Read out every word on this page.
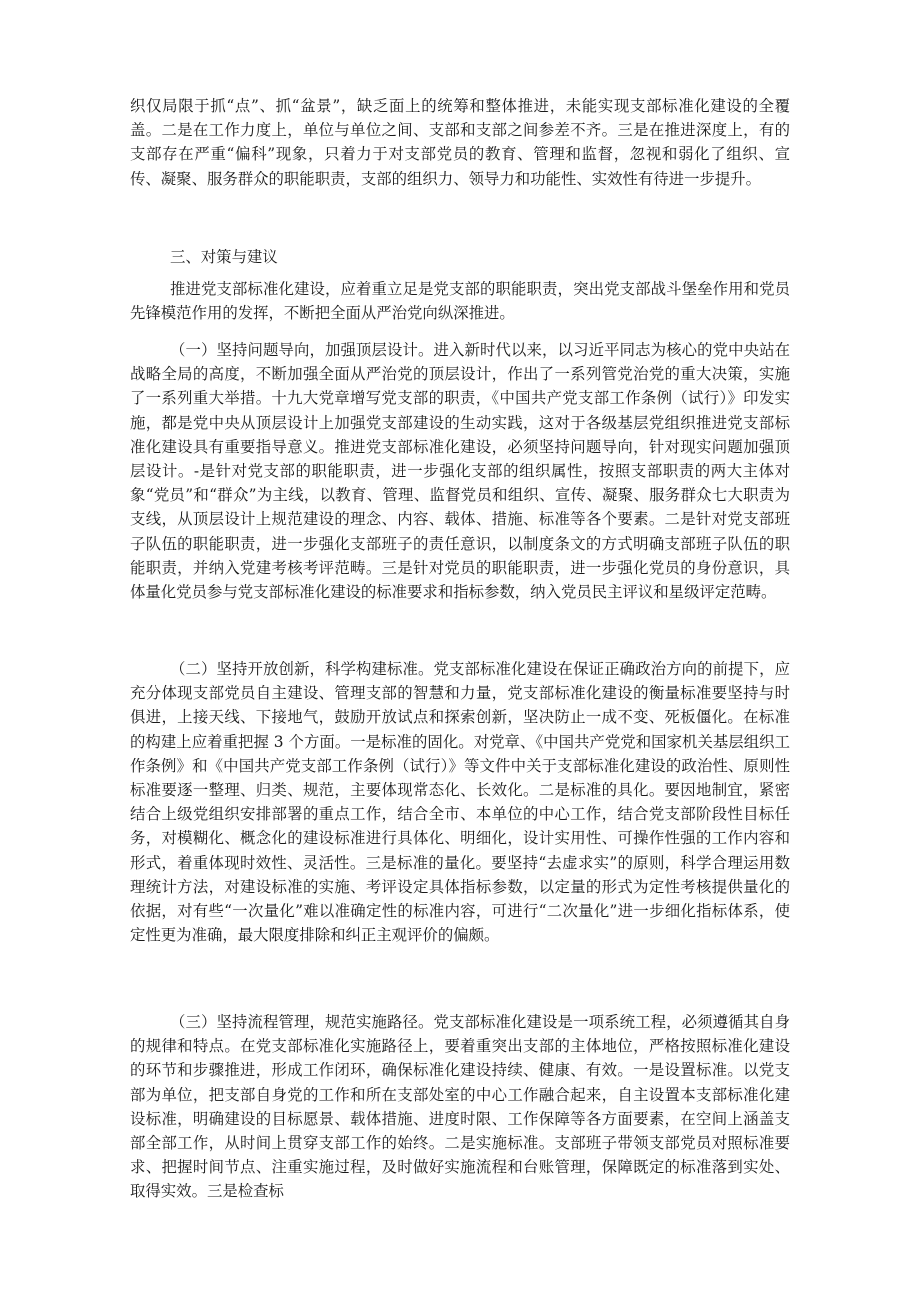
织仅局限于抓“点”、抓“盆景”，缺乏面上的统筹和整体推进，未能实现支部标准化建设的全覆盖。二是在工作力度上，单位与单位之间、支部和支部之间参差不齐。三是在推进深度上，有的支部存在严重“偏科”现象，只着力于对支部党员的教育、管理和监督，忽视和弱化了组织、宣传、凝聚、服务群众的职能职责，支部的组织力、领导力和功能性、实效性有待进一步提升。

三、对策与建议

推进党支部标准化建设，应着重立足是党支部的职能职责，突出党支部战斗堡垒作用和党员先锋模范作用的发挥，不断把全面从严治党向纵深推进。

（一）坚持问题导向，加强顶层设计。进入新时代以来，以习近平同志为核心的党中央站在战略全局的高度，不断加强全面从严治党的顶层设计，作出了一系列管党治党的重大决策，实施了一系列重大举措。十九大党章增写党支部的职责，《中国共产党支部工作条例（试行）》印发实施，都是党中央从顶层设计上加强党支部建设的生动实践，这对于各级基层党组织推进党支部标准化建设具有重要指导意义。推进党支部标准化建设，必须坚持问题导向，针对现实问题加强顶层设计。-是针对党支部的职能职责，进一步强化支部的组织属性，按照支部职责的两大主体对象“党员”和“群众”为主线，以教育、管理、监督党员和组织、宣传、凝聚、服务群众七大职责为支线，从顶层设计上规范建设的理念、内容、载体、措施、标准等各个要素。二是针对党支部班子队伍的职能职责，进一步强化支部班子的责任意识，以制度条文的方式明确支部班子队伍的职能职责，并纳入党建考核考评范畴。三是针对党员的职能职责，进一步强化党员的身份意识，具体量化党员参与党支部标准化建设的标准要求和指标参数，纳入党员民主评议和星级评定范畴。

（二）坚持开放创新，科学构建标准。党支部标准化建设在保证正确政治方向的前提下，应充分体现支部党员自主建设、管理支部的智慧和力量，党支部标准化建设的衡量标准要坚持与时俱进，上接天线、下接地气，鼓励开放试点和探索创新，坚决防止一成不变、死板僵化。在标准的构建上应着重把握 3 个方面。一是标准的固化。对党章、《中国共产党党和国家机关基层组织工作条例》和《中国共产党支部工作条例（试行）》等文件中关于支部标准化建设的政治性、原则性标准要逐一整理、归类、规范，主要体现常态化、长效化。二是标准的具化。要因地制宜，紧密结合上级党组织安排部署的重点工作，结合全市、本单位的中心工作，结合党支部阶段性目标任务，对模糊化、概念化的建设标准进行具体化、明细化，设计实用性、可操作性强的工作内容和形式，着重体现时效性、灵活性。三是标准的量化。要坚持“去虚求实”的原则，科学合理运用数理统计方法，对建设标准的实施、考评设定具体指标参数，以定量的形式为定性考核提供量化的依据，对有些“一次量化”难以准确定性的标准内容，可进行“二次量化”进一步细化指标体系，使定性更为准确，最大限度排除和纠正主观评价的偏颇。

（三）坚持流程管理，规范实施路径。党支部标准化建设是一项系统工程，必须遵循其自身的规律和特点。在党支部标准化实施路径上，要着重突出支部的主体地位，严格按照标准化建设的环节和步骤推进，形成工作闭环，确保标准化建设持续、健康、有效。一是设置标准。以党支部为单位，把支部自身党的工作和所在支部处室的中心工作融合起来，自主设置本支部标准化建设标准，明确建设的目标愿景、载体措施、进度时限、工作保障等各方面要素，在空间上涵盖支部全部工作，从时间上贯穿支部工作的始终。二是实施标准。支部班子带领支部党员对照标准要求、把握时间节点、注重实施过程，及时做好实施流程和台账管理，保障既定的标准落到实处、取得实效。三是检查标
